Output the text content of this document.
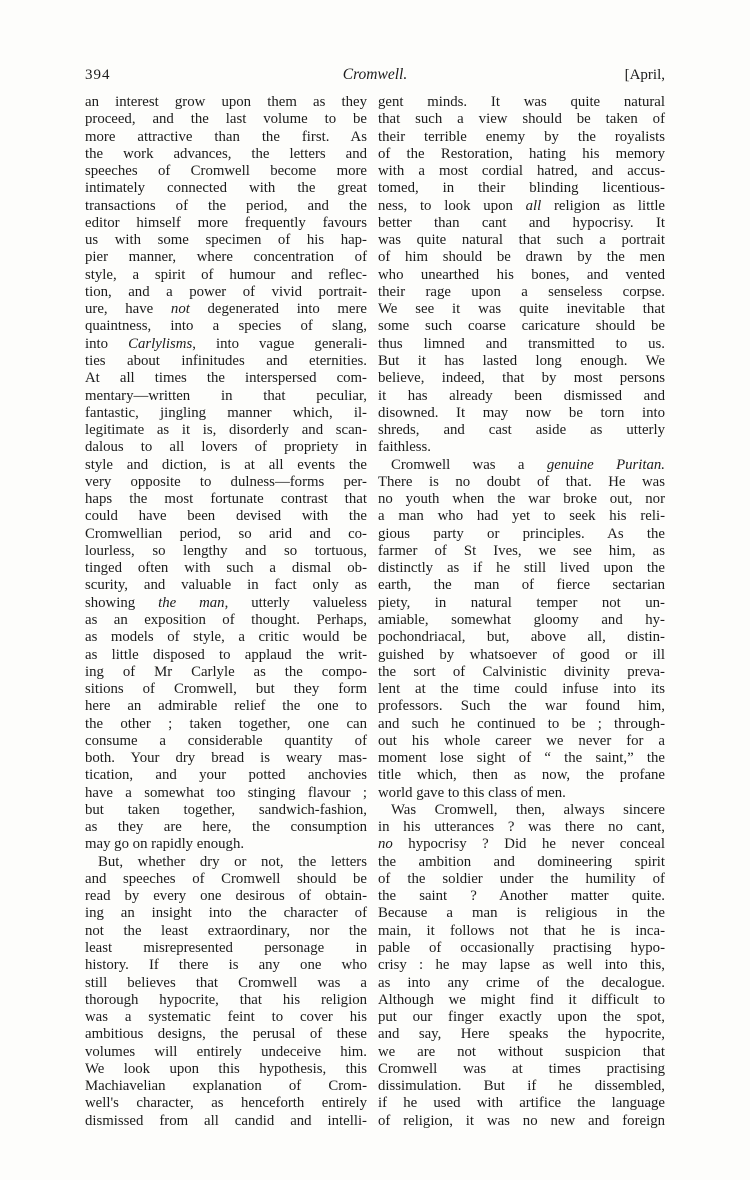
394	Cromwell.	[April,
an interest grow upon them as they
proceed, and the last volume to be
more attractive than the first. As
the work advances, the letters and
speeches of Cromwell become more
intimately connected with the great
transactions of the period, and the
editor himself more frequently favours
us with some specimen of his hap-
pier manner, where concentration of
style, a spirit of humour and reflec-
tion, and a power of vivid portrait-
ure, have not degenerated into mere
quaintness, into a species of slang,
into Carlylisms, into vague generali-
ties about infinitudes and eternities.
At all times the interspersed com-
mentary—written in that peculiar,
fantastic, jingling manner which, il-
legitimate as it is, disorderly and scan-
dalous to all lovers of propriety in
style and diction, is at all events the
very opposite to dulness—forms per-
haps the most fortunate contrast that
could have been devised with the
Cromwellian period, so arid and co-
lourless, so lengthy and so tortuous,
tinged often with such a dismal ob-
scurity, and valuable in fact only as
showing the man, utterly valueless
as an exposition of thought. Perhaps,
as models of style, a critic would be
as little disposed to applaud the writ-
ing of Mr Carlyle as the compo-
sitions of Cromwell, but they form
here an admirable relief the one to
the other ; taken together, one can
consume a considerable quantity of
both. Your dry bread is weary mas-
tication, and your potted anchovies
have a somewhat too stinging flavour ;
but taken together, sandwich-fashion,
as they are here, the consumption
may go on rapidly enough.
But, whether dry or not, the letters
and speeches of Cromwell should be
read by every one desirous of obtain-
ing an insight into the character of
not the least extraordinary, nor the
least misrepresented personage in
history. If there is any one who
still believes that Cromwell was a
thorough hypocrite, that his religion
was a systematic feint to cover his
ambitious designs, the perusal of these
volumes will entirely undeceive him.
We look upon this hypothesis, this
Machiavelian explanation of Crom-
well's character, as henceforth entirely
dismissed from all candid and intelli-
gent minds. It was quite natural
that such a view should be taken of
their terrible enemy by the royalists
of the Restoration, hating his memory
with a most cordial hatred, and accus-
tomed, in their blinding licentious-
ness, to look upon all religion as little
better than cant and hypocrisy. It
was quite natural that such a portrait
of him should be drawn by the men
who unearthed his bones, and vented
their rage upon a senseless corpse.
We see it was quite inevitable that
some such coarse caricature should be
thus limned and transmitted to us.
But it has lasted long enough. We
believe, indeed, that by most persons
it has already been dismissed and
disowned. It may now be torn into
shreds, and cast aside as utterly
faithless.
Cromwell was a genuine Puritan.
There is no doubt of that. He was
no youth when the war broke out, nor
a man who had yet to seek his reli-
gious party or principles. As the
farmer of St Ives, we see him, as
distinctly as if he still lived upon the
earth, the man of fierce sectarian
piety, in natural temper not un-
amiable, somewhat gloomy and hy-
pochondriacal, but, above all, distin-
guished by whatsoever of good or ill
the sort of Calvinistic divinity preva-
lent at the time could infuse into its
professors. Such the war found him,
and such he continued to be ; through-
out his whole career we never for a
moment lose sight of “ the saint,” the
title which, then as now, the profane
world gave to this class of men.
Was Cromwell, then, always sincere
in his utterances ? was there no cant,
no hypocrisy ? Did he never conceal
the ambition and domineering spirit
of the soldier under the humility of
the saint ? Another matter quite.
Because a man is religious in the
main, it follows not that he is inca-
pable of occasionally practising hypo-
crisy : he may lapse as well into this,
as into any crime of the decalogue.
Although we might find it difficult to
put our finger exactly upon the spot,
and say, Here speaks the hypocrite,
we are not without suspicion that
Cromwell was at times practising
dissimulation. But if he dissembled,
if he used with artifice the language
of religion, it was no new and foreign
